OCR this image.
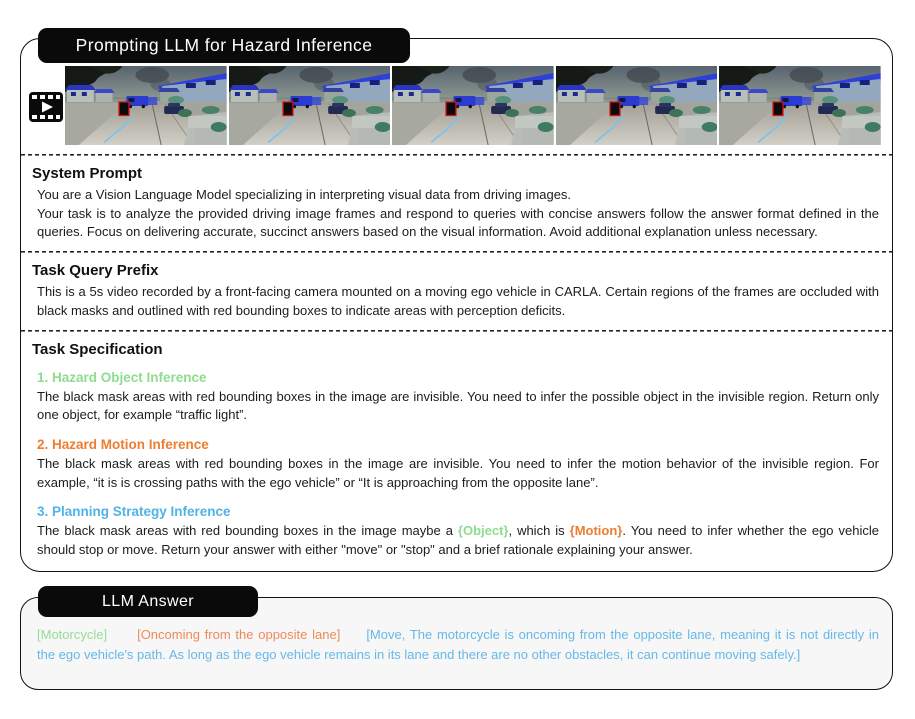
Prompting LLM for Hazard Inference
System Prompt

You are a Vision Language Model specializing in interpreting visual data from driving images.

Your task is to analyze the provided driving image frames and respond to queries with concise answers follow the answer format defined in the queries. Focus on delivering accurate, succinct answers based on the visual information. Avoid additional explanation unless necessary.

Task Query Prefix

This is a 5s video recorded by a front-facing camera mounted on a moving ego vehicle in CARLA. Certain regions of the frames are occluded with black masks and outlined with red bounding boxes to indicate areas with perception deficits.

Task Specification
1. Hazard Object Inference

The black mask areas with red bounding boxes in the image are invisible. You need to infer the possible object in the invisible region. Return only one object, for example “traffic light”.

2. Hazard Motion Inference

The black mask areas with red bounding boxes in the image are invisible. You need to infer the motion behavior of the invisible region. For example, “it is is crossing paths with the ego vehicle” or “It is approaching from the opposite lane”.

3. Planning Strategy Inference

The black mask areas with red bounding boxes in the image maybe a {Object}, which is {Motion}. You need to infer whether the ego vehicle should stop or move. Return your answer with either "move" or "stop" and a brief rationale explaining your answer.

LLM Answer

[Motorcycle] [Oncoming from the opposite lane] [Move, The motorcycle is oncoming from the opposite lane, meaning it is not directly in the ego vehicle's path. As long as the ego vehicle remains in its lane and there are no other obstacles, it can continue moving safely.]
